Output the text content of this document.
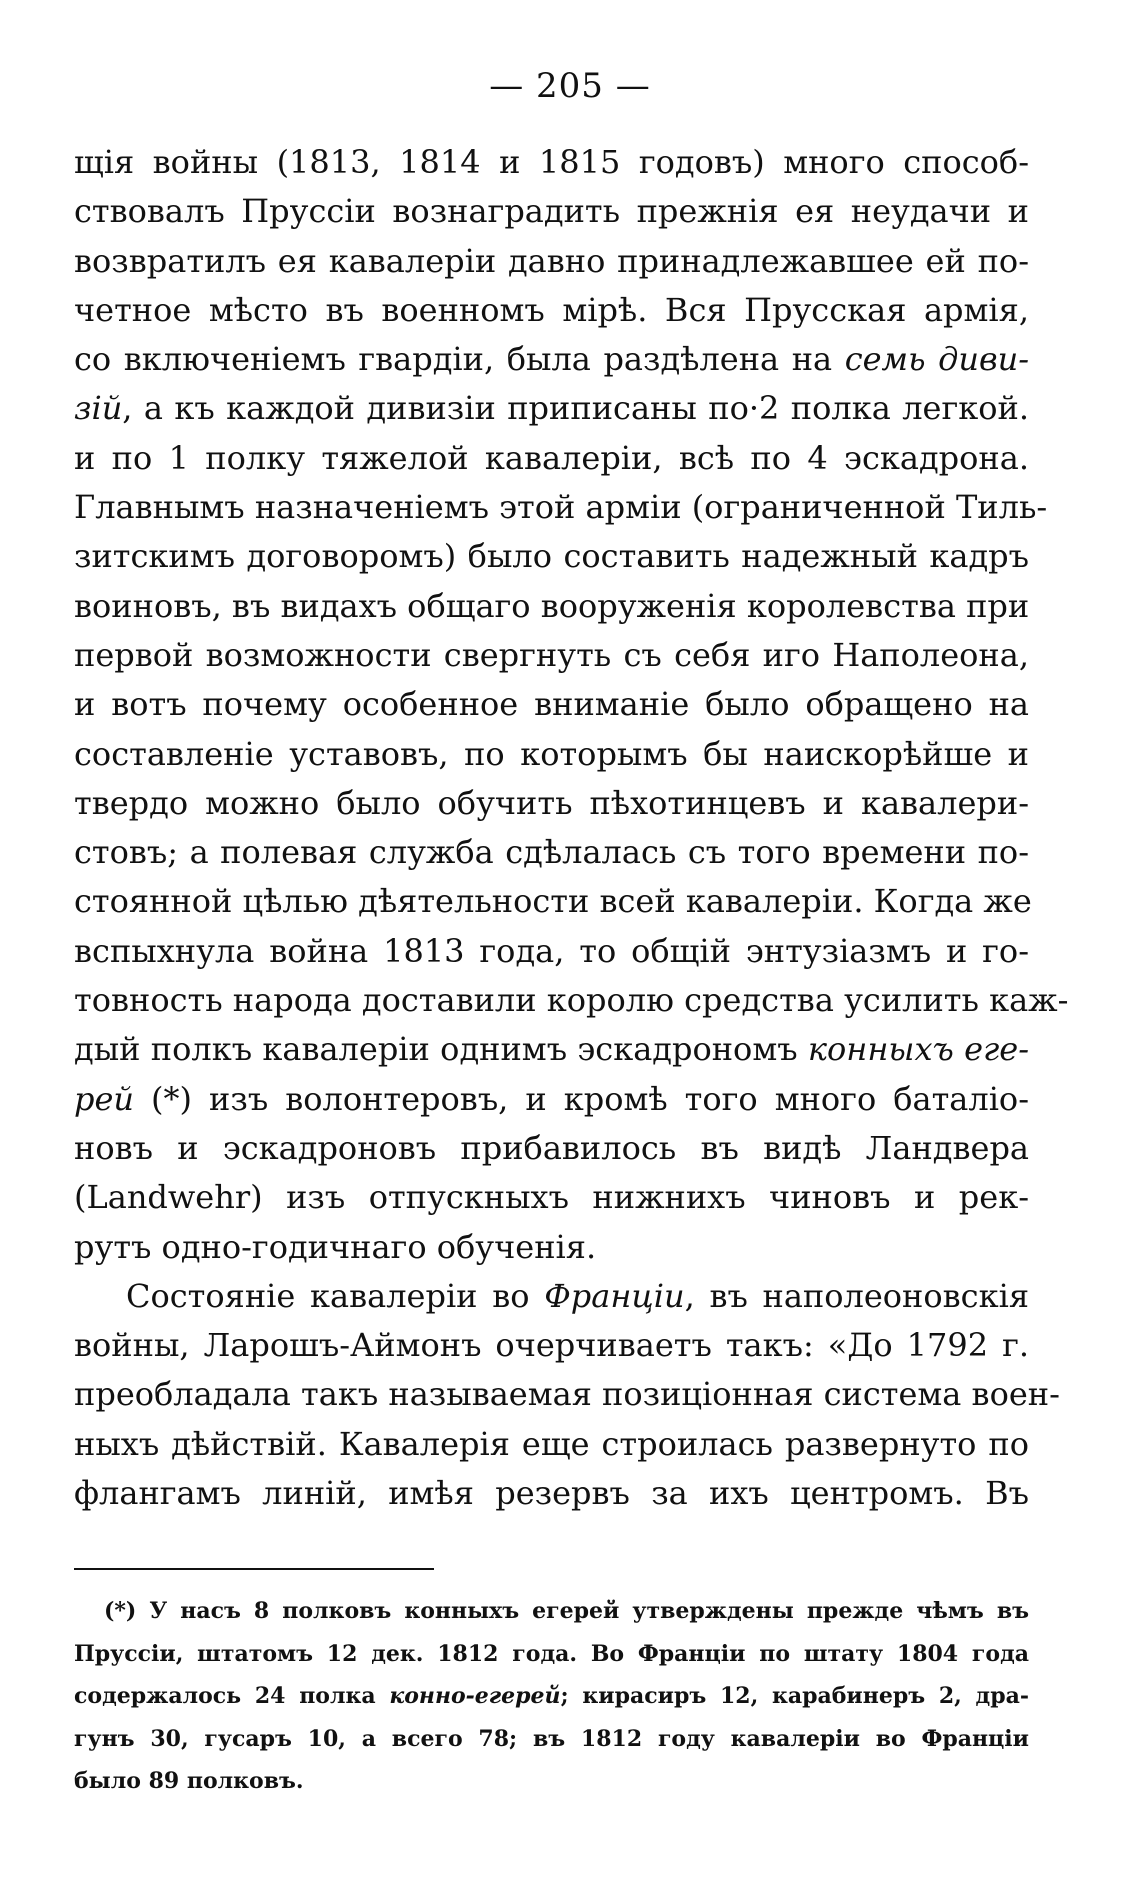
— 205 —
щія войны (1813, 1814 и 1815 годовъ) много способ-
ствовалъ Пруссіи вознаградить прежнія ея неудачи и
возвратилъ ея кавалеріи давно принадлежавшее ей по-
четное мѣсто въ военномъ мірѣ. Вся Прусская армія,
со включеніемъ гвардіи, была раздѣлена на семь диви-
зій, а къ каждой дивизіи приписаны по·2 полка легкой.
и по 1 полку тяжелой кавалеріи, всѣ по 4 эскадрона.
Главнымъ назначеніемъ этой арміи (ограниченной Тиль-
зитскимъ договоромъ) было составить надежный кадръ
воиновъ, въ видахъ общаго вооруженія королевства при
первой возможности свергнуть съ себя иго Наполеона,
и вотъ почему особенное вниманіе было обращено на
составленіе уставовъ, по которымъ бы наискорѣйше и
твердо можно было обучить пѣхотинцевъ и кавалери-
стовъ; а полевая служба сдѣлалась съ того времени по-
стоянной цѣлью дѣятельности всей кавалеріи. Когда же
вспыхнула война 1813 года, то общій энтузіазмъ и го-
товность народа доставили королю средства усилить каж-
дый полкъ кавалеріи однимъ эскадрономъ конныхъ еге-
рей (*) изъ волонтеровъ, и кромѣ того много баталіо-
новъ и эскадроновъ прибавилось въ видѣ Ландвера
(Landwehr) изъ отпускныхъ нижнихъ чиновъ и рек-
рутъ одно-годичнаго обученія.
Состояніе кавалеріи во Франціи, въ наполеоновскія
войны, Ларошъ-Аймонъ очерчиваетъ такъ: «До 1792 г.
преобладала такъ называемая позиціонная система воен-
ныхъ дѣйствій. Кавалерія еще строилась развернуто по
флангамъ линій, имѣя резервъ за ихъ центромъ. Въ
(*) У насъ 8 полковъ конныхъ егерей утверждены прежде чѣмъ въ
Пруссіи, штатомъ 12 дек. 1812 года. Во Франціи по штату 1804 года
содержалось 24 полка конно-егерей; кирасиръ 12, карабинеръ 2, дра-
гунъ 30, гусаръ 10, а всего 78; въ 1812 году кавалеріи во Франціи
было 89 полковъ.
